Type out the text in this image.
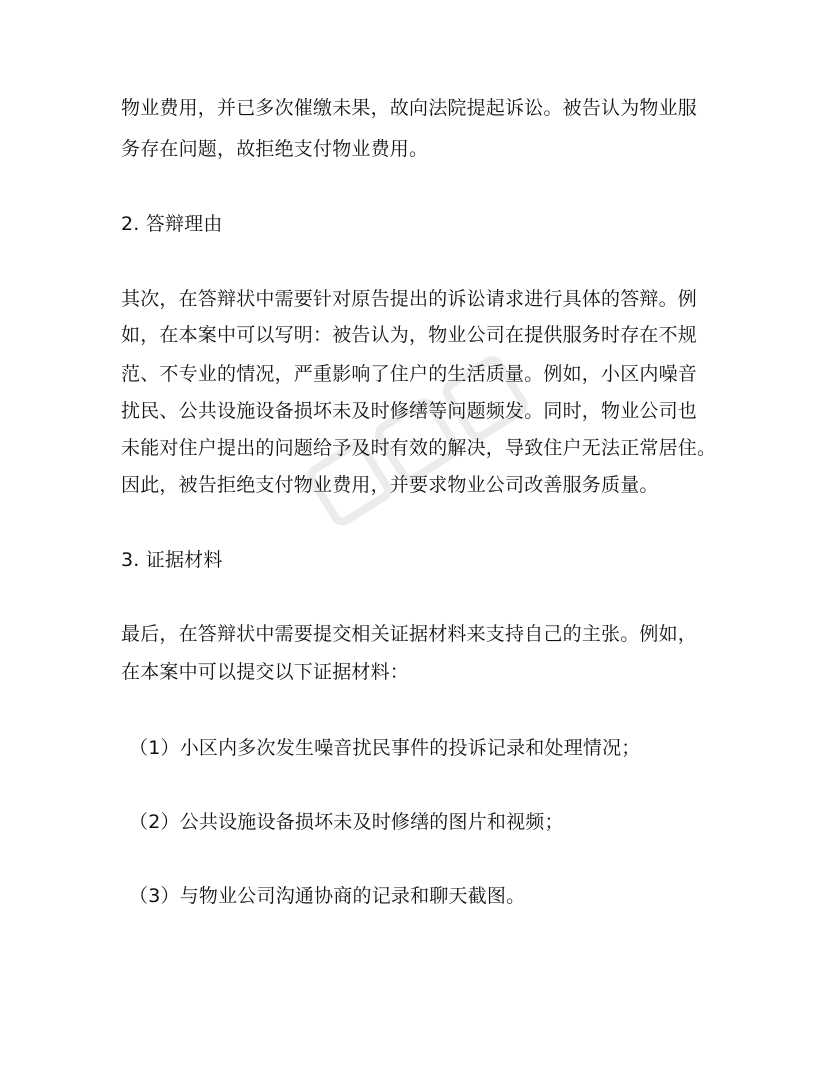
物业费用，并已多次催缴未果，故向法院提起诉讼。被告认为物业服
务存在问题，故拒绝支付物业费用。
2. 答辩理由
其次，在答辩状中需要针对原告提出的诉讼请求进行具体的答辩。例
如，在本案中可以写明：被告认为，物业公司在提供服务时存在不规
范、不专业的情况，严重影响了住户的生活质量。例如，小区内噪音
扰民、公共设施设备损坏未及时修缮等问题频发。同时，物业公司也
未能对住户提出的问题给予及时有效的解决，导致住户无法正常居住。
因此，被告拒绝支付物业费用，并要求物业公司改善服务质量。
3. 证据材料
最后，在答辩状中需要提交相关证据材料来支持自己的主张。例如，
在本案中可以提交以下证据材料：
（1）小区内多次发生噪音扰民事件的投诉记录和处理情况；
（2）公共设施设备损坏未及时修缮的图片和视频；
（3）与物业公司沟通协商的记录和聊天截图。
